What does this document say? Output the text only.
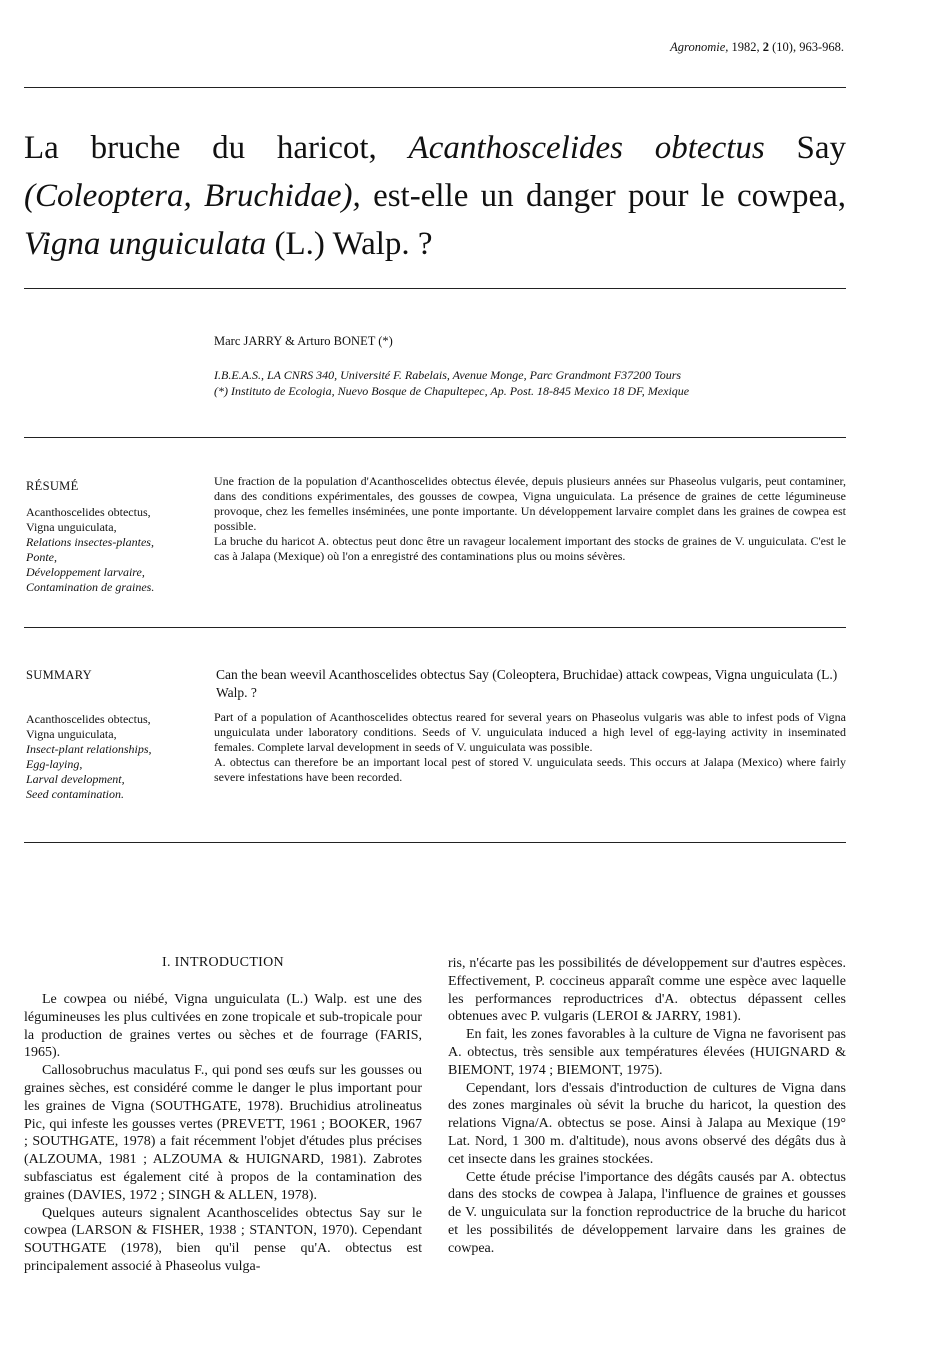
Agronomie, 1982, 2 (10), 963-968.
La bruche du haricot, Acanthoscelides obtectus Say (Coleoptera, Bruchidae), est-elle un danger pour le cowpea, Vigna unguiculata (L.) Walp. ?
Marc JARRY & Arturo BONET (*)
I.B.E.A.S., LA CNRS 340, Université F. Rabelais, Avenue Monge, Parc Grandmont F37200 Tours
(*) Instituto de Ecologia, Nuevo Bosque de Chapultepec, Ap. Post. 18-845 Mexico 18 DF, Mexique
RÉSUMÉ
Acanthoscelides obtectus,
Vigna unguiculata,
Relations insectes-plantes,
Ponte,
Développement larvaire,
Contamination de graines.

Une fraction de la population d'Acanthoscelides obtectus élevée, depuis plusieurs années sur Phaseolus vulgaris, peut contaminer, dans des conditions expérimentales, des gousses de cowpea, Vigna unguiculata. La présence de graines de cette légumineuse provoque, chez les femelles inséminées, une ponte importante. Un développement larvaire complet dans les graines de cowpea est possible.

La bruche du haricot A. obtectus peut donc être un ravageur localement important des stocks de graines de V. unguiculata. C'est le cas à Jalapa (Mexique) où l'on a enregistré des contaminations plus ou moins sévères.

SUMMARY
Acanthoscelides obtectus,
Vigna unguiculata,
Insect-plant relationships,
Egg-laying,
Larval development,
Seed contamination.
Can the bean weevil Acanthoscelides obtectus Say (Coleoptera, Bruchidae) attack cowpeas, Vigna unguiculata (L.) Walp. ?

Part of a population of Acanthoscelides obtectus reared for several years on Phaseolus vulgaris was able to infest pods of Vigna unguiculata under laboratory conditions. Seeds of V. unguiculata induced a high level of egg-laying activity in inseminated females. Complete larval development in seeds of V. unguiculata was possible.

A. obtectus can therefore be an important local pest of stored V. unguiculata seeds. This occurs at Jalapa (Mexico) where fairly severe infestations have been recorded.

I. INTRODUCTION

Le cowpea ou niébé, Vigna unguiculata (L.) Walp. est une des légumineuses les plus cultivées en zone tropicale et sub-tropicale pour la production de graines vertes ou sèches et de fourrage (FARIS, 1965).

Callosobruchus maculatus F., qui pond ses œufs sur les gousses ou graines sèches, est considéré comme le danger le plus important pour les graines de Vigna (SOUTHGATE, 1978). Bruchidius atrolineatus Pic, qui infeste les gousses vertes (PREVETT, 1961 ; BOOKER, 1967 ; SOUTHGATE, 1978) a fait récemment l'objet d'études plus précises (ALZOUMA, 1981 ; ALZOUMA & HUIGNARD, 1981). Zabrotes subfasciatus est également cité à propos de la contamination des graines (DAVIES, 1972 ; SINGH & ALLEN, 1978).

Quelques auteurs signalent Acanthoscelides obtectus Say sur le cowpea (LARSON & FISHER, 1938 ; STANTON, 1970). Cependant SOUTHGATE (1978), bien qu'il pense qu'A. obtectus est principalement associé à Phaseolus vulga-

ris, n'écarte pas les possibilités de développement sur d'autres espèces. Effectivement, P. coccineus apparaît comme une espèce avec laquelle les performances reproductrices d'A. obtectus dépassent celles obtenues avec P. vulgaris (LEROI & JARRY, 1981).

En fait, les zones favorables à la culture de Vigna ne favorisent pas A. obtectus, très sensible aux températures élevées (HUIGNARD & BIEMONT, 1974 ; BIEMONT, 1975).

Cependant, lors d'essais d'introduction de cultures de Vigna dans des zones marginales où sévit la bruche du haricot, la question des relations Vigna/A. obtectus se pose. Ainsi à Jalapa au Mexique (19° Lat. Nord, 1 300 m. d'altitude), nous avons observé des dégâts dus à cet insecte dans les graines stockées.

Cette étude précise l'importance des dégâts causés par A. obtectus dans des stocks de cowpea à Jalapa, l'influence de graines et gousses de V. unguiculata sur la fonction reproductrice de la bruche du haricot et les possibilités de développement larvaire dans les graines de cowpea.
